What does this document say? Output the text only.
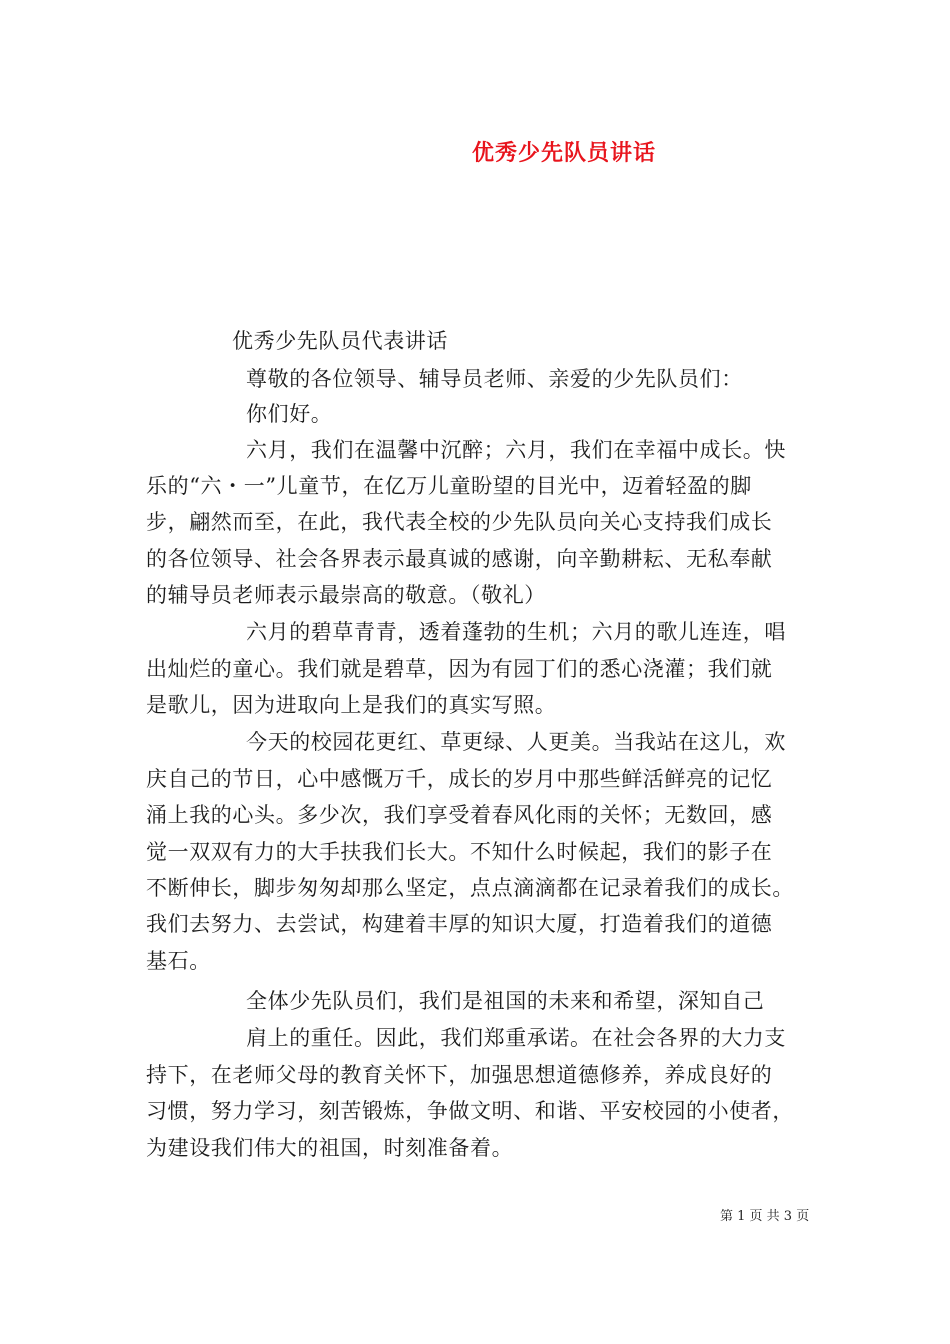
优秀少先队员讲话
优秀少先队员代表讲话
尊敬的各位领导、辅导员老师、亲爱的少先队员们：
你们好。
六月，我们在温馨中沉醉；六月，我们在幸福中成长。快
乐的“六・一”儿童节，在亿万儿童盼望的目光中，迈着轻盈的脚
步，翩然而至，在此，我代表全校的少先队员向关心支持我们成长
的各位领导、社会各界表示最真诚的感谢，向辛勤耕耘、无私奉献
的辅导员老师表示最崇高的敬意。（敬礼）
六月的碧草青青，透着蓬勃的生机；六月的歌儿连连，唱
出灿烂的童心。我们就是碧草，因为有园丁们的悉心浇灌；我们就
是歌儿，因为进取向上是我们的真实写照。
今天的校园花更红、草更绿、人更美。当我站在这儿，欢
庆自己的节日，心中感慨万千，成长的岁月中那些鲜活鲜亮的记忆
涌上我的心头。多少次，我们享受着春风化雨的关怀；无数回，感
觉一双双有力的大手扶我们长大。不知什么时候起，我们的影子在
不断伸长，脚步匆匆却那么坚定，点点滴滴都在记录着我们的成长。
我们去努力、去尝试，构建着丰厚的知识大厦，打造着我们的道德
基石。
全体少先队员们，我们是祖国的未来和希望，深知自己
肩上的重任。因此，我们郑重承诺。在社会各界的大力支
持下，在老师父母的教育关怀下，加强思想道德修养，养成良好的
习惯，努力学习，刻苦锻炼，争做文明、和谐、平安校园的小使者，
为建设我们伟大的祖国，时刻准备着。
第 1 页 共 3 页
